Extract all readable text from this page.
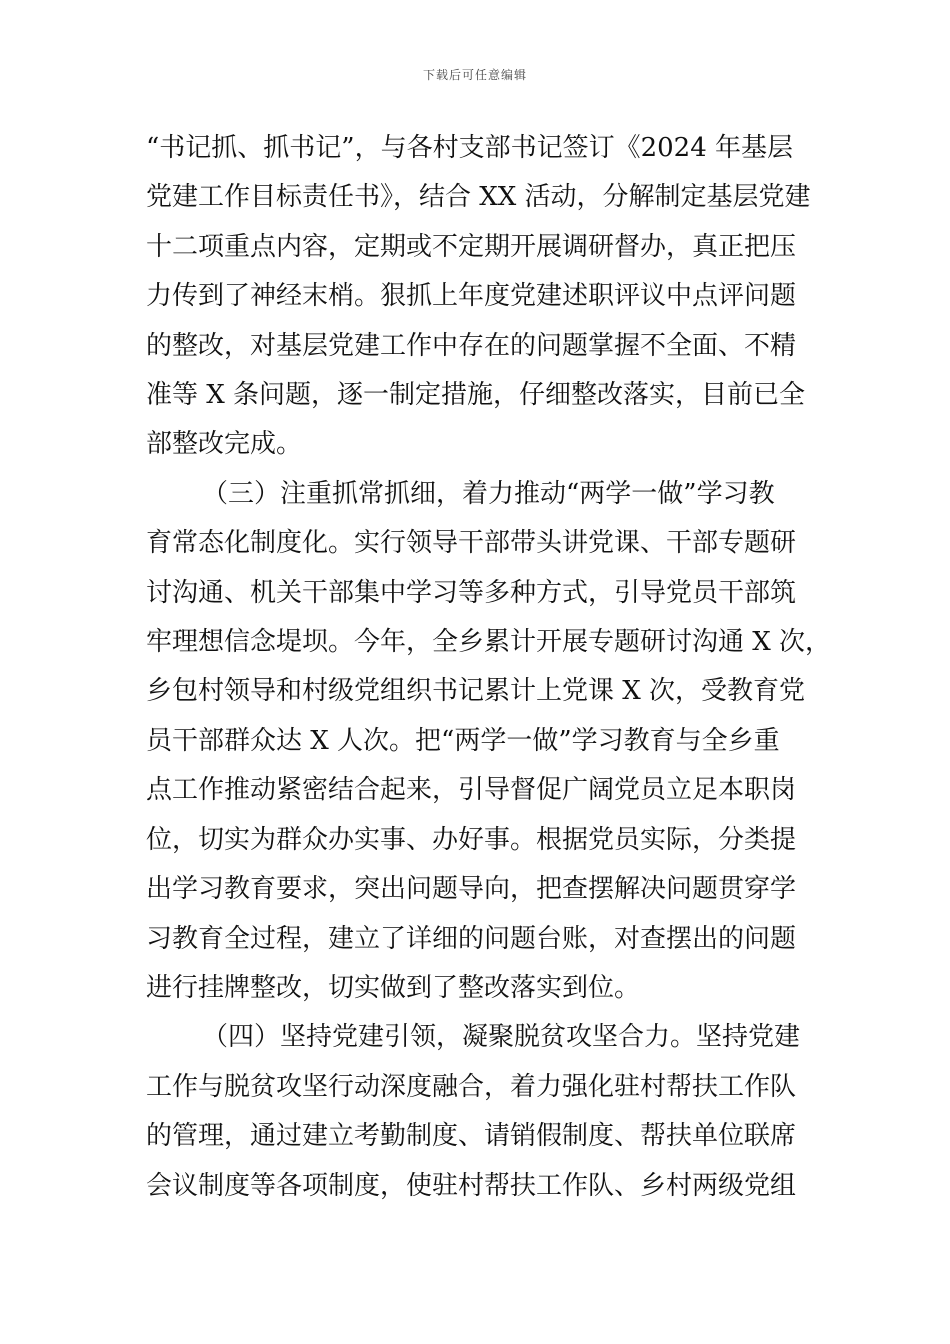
下载后可任意编辑
“书记抓、抓书记”，与各村支部书记签订《2024 年基层
党建工作目标责任书》，结合 XX 活动，分解制定基层党建
十二项重点内容，定期或不定期开展调研督办，真正把压
力传到了神经末梢。狠抓上年度党建述职评议中点评问题
的整改，对基层党建工作中存在的问题掌握不全面、不精
准等 X 条问题，逐一制定措施，仔细整改落实，目前已全
部整改完成。
（三）注重抓常抓细，着力推动“两学一做”学习教
育常态化制度化。实行领导干部带头讲党课、干部专题研
讨沟通、机关干部集中学习等多种方式，引导党员干部筑
牢理想信念堤坝。今年，全乡累计开展专题研讨沟通 X 次，
乡包村领导和村级党组织书记累计上党课 X 次，受教育党
员干部群众达 X 人次。把“两学一做”学习教育与全乡重
点工作推动紧密结合起来，引导督促广阔党员立足本职岗
位，切实为群众办实事、办好事。根据党员实际，分类提
出学习教育要求，突出问题导向，把查摆解决问题贯穿学
习教育全过程，建立了详细的问题台账，对查摆出的问题
进行挂牌整改，切实做到了整改落实到位。
（四）坚持党建引领，凝聚脱贫攻坚合力。坚持党建
工作与脱贫攻坚行动深度融合，着力强化驻村帮扶工作队
的管理，通过建立考勤制度、请销假制度、帮扶单位联席
会议制度等各项制度，使驻村帮扶工作队、乡村两级党组
